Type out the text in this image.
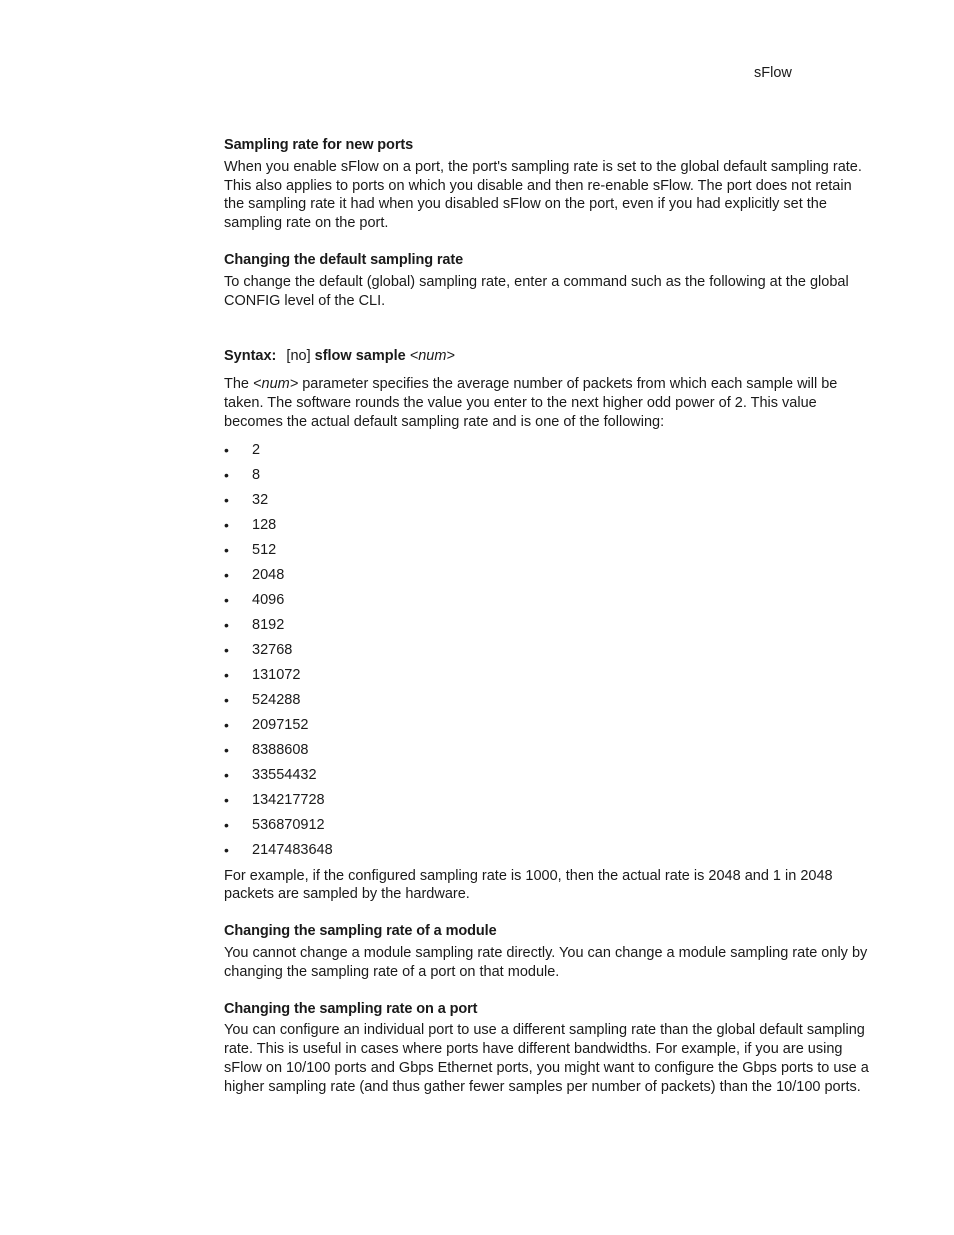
sFlow
Sampling rate for new ports

When you enable sFlow on a port, the port's sampling rate is set to the global default sampling rate. This also applies to ports on which you disable and then re-enable sFlow. The port does not retain the sampling rate it had when you disabled sFlow on the port, even if you had explicitly set the sampling rate on the port.

Changing the default sampling rate

To change the default (global) sampling rate, enter a command such as the following at the global CONFIG level of the CLI.

Syntax: [no] sflow sample <num>

The <num> parameter specifies the average number of packets from which each sample will be taken. The software rounds the value you enter to the next higher odd power of 2. This value becomes the actual default sampling rate and is one of the following:

• 2
• 8
• 32
• 128
• 512
• 2048
• 4096
• 8192
• 32768
• 131072
• 524288
• 2097152
• 8388608
• 33554432
• 134217728
• 536870912
• 2147483648

For example, if the configured sampling rate is 1000, then the actual rate is 2048 and 1 in 2048 packets are sampled by the hardware.

Changing the sampling rate of a module

You cannot change a module sampling rate directly. You can change a module sampling rate only by changing the sampling rate of a port on that module.

Changing the sampling rate on a port

You can configure an individual port to use a different sampling rate than the global default sampling rate. This is useful in cases where ports have different bandwidths. For example, if you are using sFlow on 10/100 ports and Gbps Ethernet ports, you might want to configure the Gbps ports to use a higher sampling rate (and thus gather fewer samples per number of packets) than the 10/100 ports.
